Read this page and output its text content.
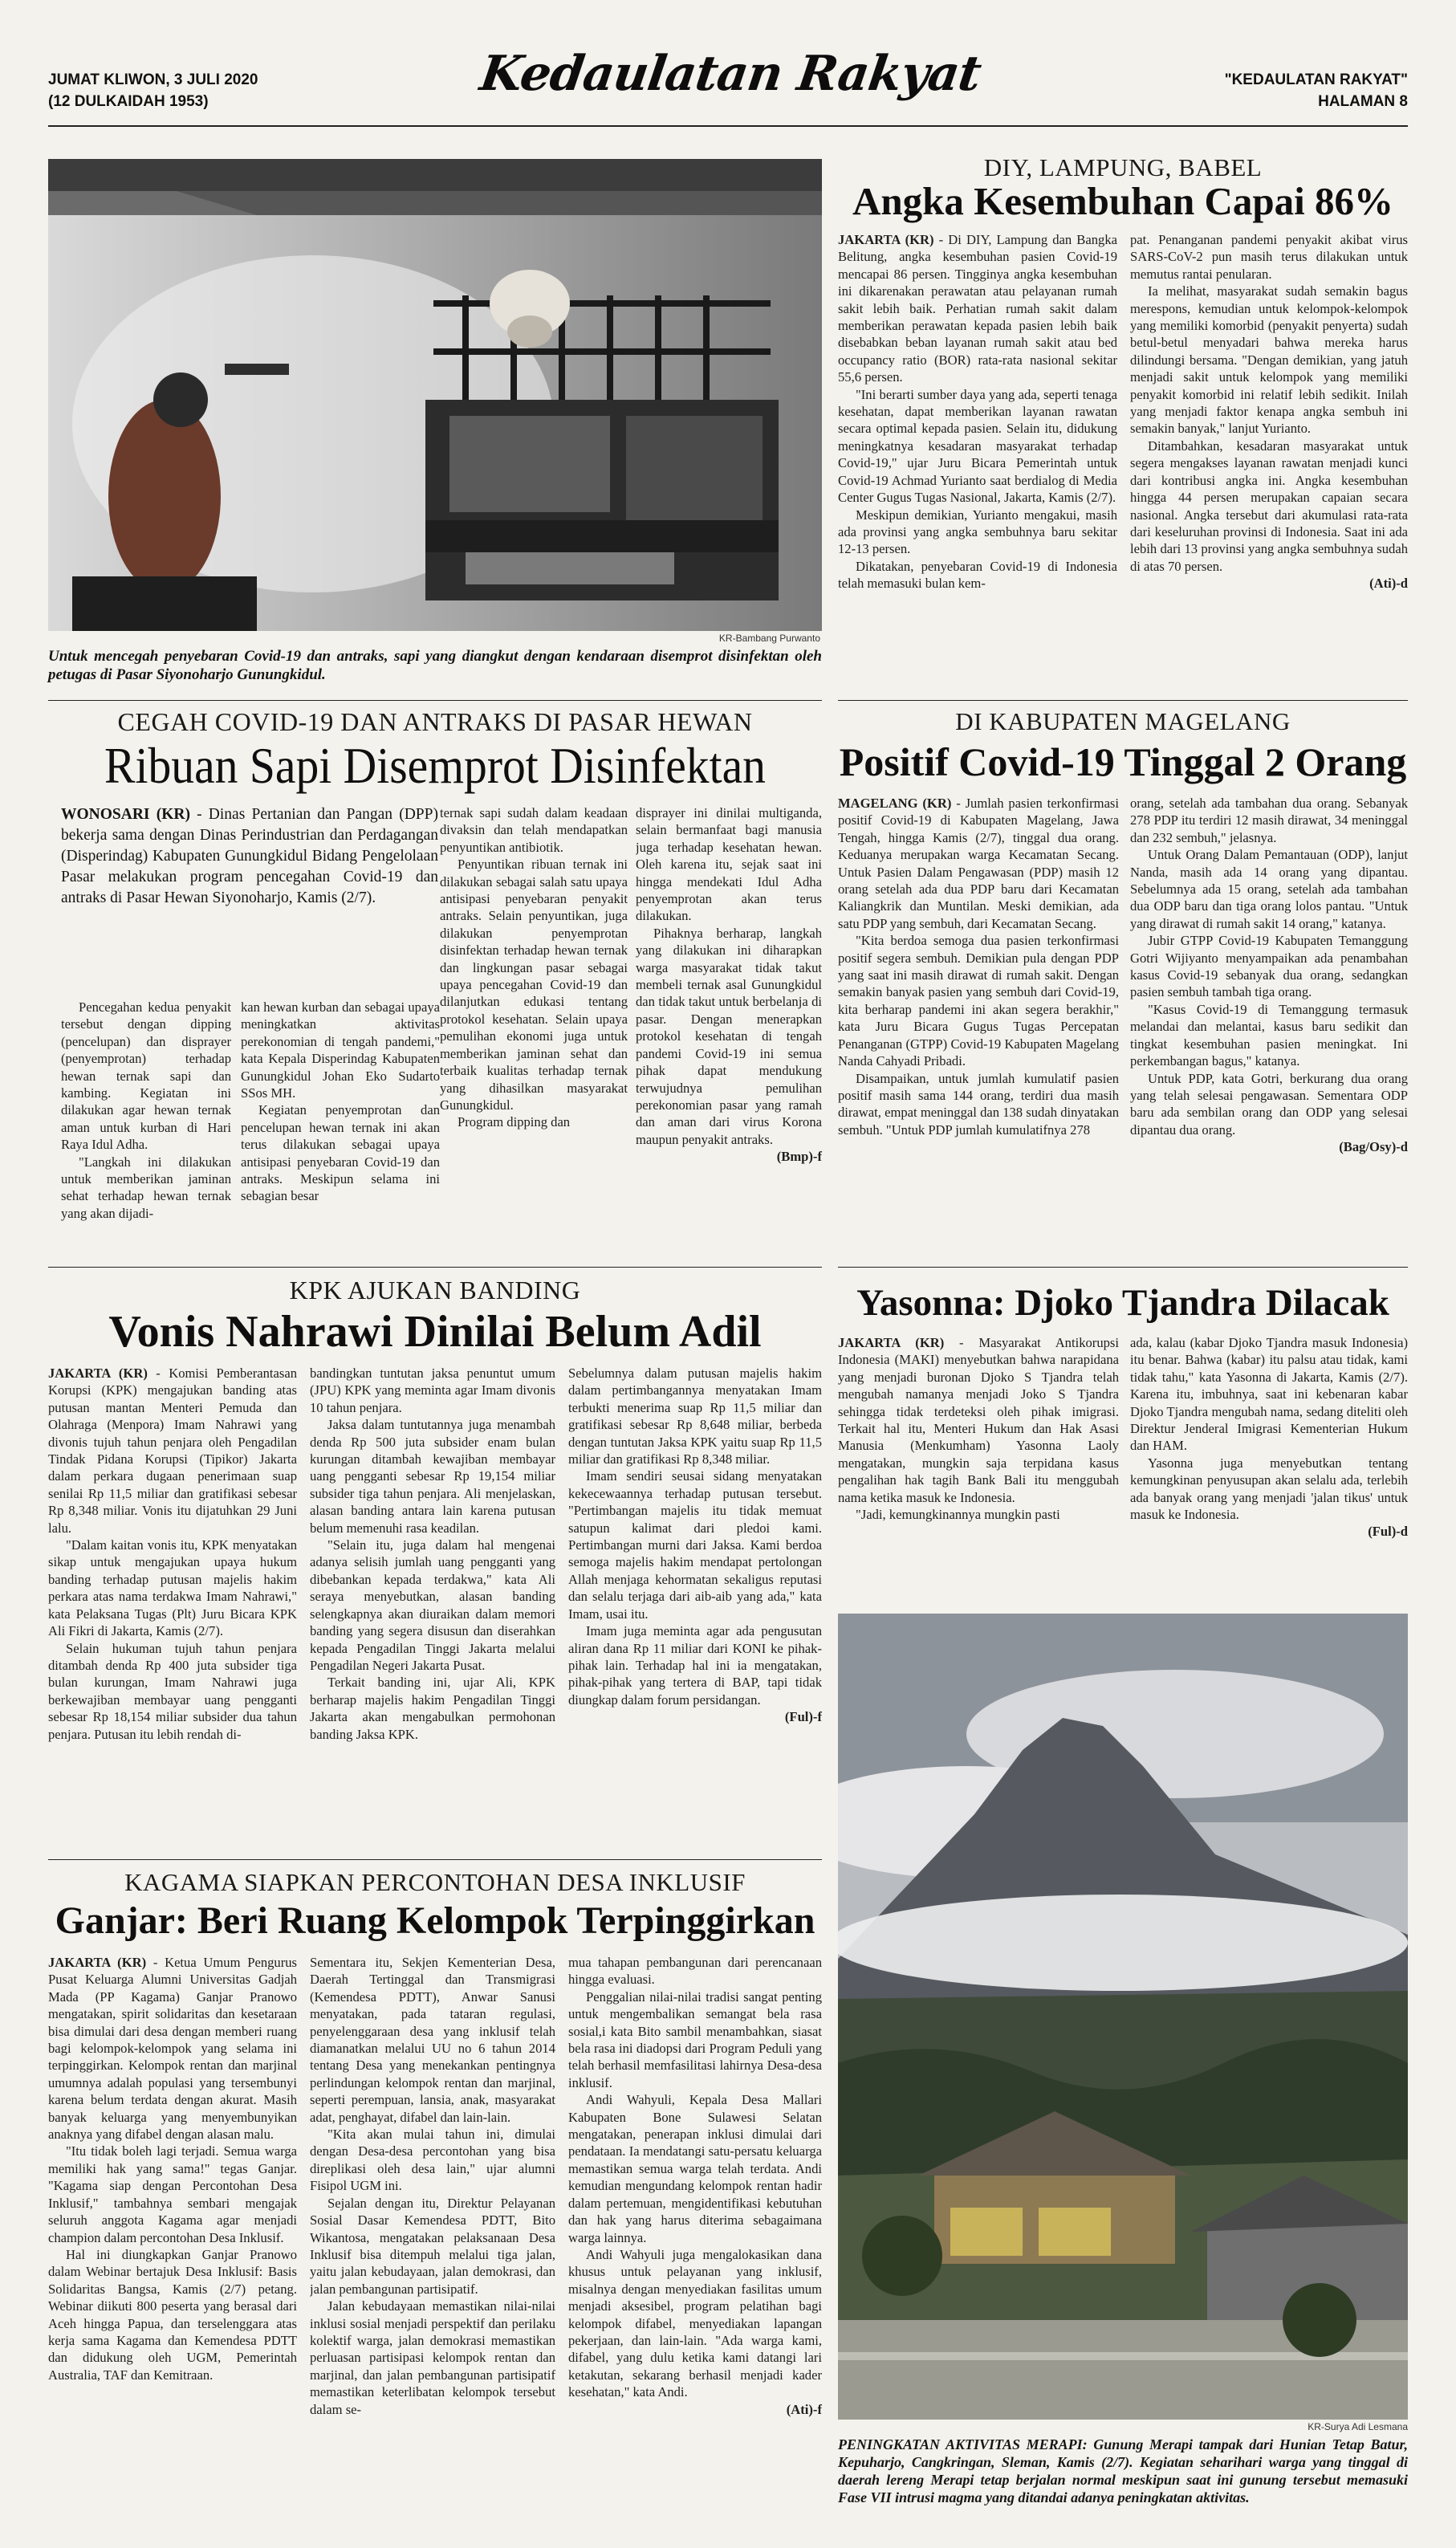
JUMAT KLIWON, 3 JULI 2020
(12 DULKAIDAH 1953)	Kedaulatan Rakyat	"KEDAULATAN RAKYAT"
HALAMAN 8
KR-Bambang Purwanto
Untuk mencegah penyebaran Covid-19 dan antraks, sapi yang diangkut dengan kendaraan disemprot disinfektan oleh petugas di Pasar Siyonoharjo Gunungkidul.
DIY, LAMPUNG, BABEL
Angka Kesembuhan Capai 86%

JAKARTA (KR) - Di DIY, Lampung dan Bangka Belitung, angka kesembuhan pasien Covid-19 mencapai 86 persen. Tingginya angka kesembuhan ini dikarenakan perawatan atau pelayanan rumah sakit lebih baik. Perhatian rumah sakit dalam memberikan perawatan kepada pasien lebih baik disebabkan beban layanan rumah sakit atau bed occupancy ratio (BOR) rata-rata nasional sekitar 55,6 persen.

"Ini berarti sumber daya yang ada, seperti tenaga kesehatan, dapat memberikan layanan rawatan secara optimal kepada pasien. Selain itu, didukung meningkatnya kesadaran masyarakat terhadap Covid-19," ujar Juru Bicara Pemerintah untuk Covid-19 Achmad Yurianto saat berdialog di Media Center Gugus Tugas Nasional, Jakarta, Kamis (2/7).

Meskipun demikian, Yurianto mengakui, masih ada provinsi yang angka sembuhnya baru sekitar 12-13 persen.

Dikatakan, penyebaran Covid-19 di Indonesia telah memasuki bulan kem-

pat. Penanganan pandemi penyakit akibat virus SARS-CoV-2 pun masih terus dilakukan untuk memutus rantai penularan.

Ia melihat, masyarakat sudah semakin bagus merespons, kemudian untuk kelompok-kelompok yang memiliki komorbid (penyakit penyerta) sudah betul-betul menyadari bahwa mereka harus dilindungi bersama. "Dengan demikian, yang jatuh menjadi sakit untuk kelompok yang memiliki penyakit komorbid ini relatif lebih sedikit. Inilah yang menjadi faktor kenapa angka sembuh ini semakin banyak," lanjut Yurianto.

Ditambahkan, kesadaran masyarakat untuk segera mengakses layanan rawatan menjadi kunci dari kontribusi angka ini. Angka kesembuhan hingga 44 persen merupakan capaian secara nasional. Angka tersebut dari akumulasi rata-rata dari keseluruhan provinsi di Indonesia. Saat ini ada lebih dari 13 provinsi yang angka sembuhnya sudah di atas 70 persen.

(Ati)-d
CEGAH COVID-19 DAN ANTRAKS DI PASAR HEWAN
Ribuan Sapi Disemprot Disinfektan
WONOSARI (KR) - Dinas Pertanian dan Pangan (DPP) bekerja sama dengan Dinas Perindustrian dan Perdagangan (Disperindag) Kabupaten Gunungkidul Bidang Pengelolaan Pasar melakukan program pencegahan Covid-19 dan antraks di Pasar Hewan Siyonoharjo, Kamis (2/7).

Pencegahan kedua penyakit tersebut dengan dipping (pencelupan) dan disprayer (penyemprotan) terhadap hewan ternak sapi dan kambing. Kegiatan ini dilakukan agar hewan ternak aman untuk kurban di Hari Raya Idul Adha.

"Langkah ini dilakukan untuk memberikan jaminan sehat terhadap hewan ternak yang akan dijadi-

kan hewan kurban dan sebagai upaya meningkatkan aktivitas perekonomian di tengah pandemi," kata Kepala Disperindag Kabupaten Gunungkidul Johan Eko Sudarto SSos MH.

Kegiatan penyemprotan dan pencelupan hewan ternak ini akan terus dilakukan sebagai upaya antisipasi penyebaran Covid-19 dan antraks. Meskipun selama ini sebagian besar

ternak sapi sudah dalam keadaan divaksin dan telah mendapatkan penyuntikan antibiotik.

Penyuntikan ribuan ternak ini dilakukan sebagai salah satu upaya antisipasi penyebaran penyakit antraks. Selain penyuntikan, juga dilakukan penyemprotan disinfektan terhadap hewan ternak dan lingkungan pasar sebagai upaya pencegahan Covid-19 dan dilanjutkan edukasi tentang protokol kesehatan. Selain upaya pemulihan ekonomi juga untuk memberikan jaminan sehat dan terbaik kualitas terhadap ternak yang dihasilkan masyarakat Gunungkidul.

Program dipping dan

disprayer ini dinilai multiganda, selain bermanfaat bagi manusia juga terhadap kesehatan hewan. Oleh karena itu, sejak saat ini hingga mendekati Idul Adha penyemprotan akan terus dilakukan.

Pihaknya berharap, langkah yang dilakukan ini diharapkan warga masyarakat tidak takut membeli ternak asal Gunungkidul dan tidak takut untuk berbelanja di pasar. Dengan menerapkan protokol kesehatan di tengah pandemi Covid-19 ini semua pihak dapat mendukung terwujudnya pemulihan perekonomian pasar yang ramah dan aman dari virus Korona maupun penyakit antraks.

(Bmp)-f
DI KABUPATEN MAGELANG
Positif Covid-19 Tinggal 2 Orang

MAGELANG (KR) - Jumlah pasien terkonfirmasi positif Covid-19 di Kabupaten Magelang, Jawa Tengah, hingga Kamis (2/7), tinggal dua orang. Keduanya merupakan warga Kecamatan Secang. Untuk Pasien Dalam Pengawasan (PDP) masih 12 orang setelah ada dua PDP baru dari Kecamatan Kaliangkrik dan Muntilan. Meski demikian, ada satu PDP yang sembuh, dari Kecamatan Secang.

"Kita berdoa semoga dua pasien terkonfirmasi positif segera sembuh. Demikian pula dengan PDP yang saat ini masih dirawat di rumah sakit. Dengan semakin banyak pasien yang sembuh dari Covid-19, kita berharap pandemi ini akan segera berakhir," kata Juru Bicara Gugus Tugas Percepatan Penanganan (GTPP) Covid-19 Kabupaten Magelang Nanda Cahyadi Pribadi.

Disampaikan, untuk jumlah kumulatif pasien positif masih sama 144 orang, terdiri dua masih dirawat, empat meninggal dan 138 sudah dinyatakan sembuh. "Untuk PDP jumlah kumulatifnya 278

orang, setelah ada tambahan dua orang. Sebanyak 278 PDP itu terdiri 12 masih dirawat, 34 meninggal dan 232 sembuh," jelasnya.

Untuk Orang Dalam Pemantauan (ODP), lanjut Nanda, masih ada 14 orang yang dipantau. Sebelumnya ada 15 orang, setelah ada tambahan dua ODP baru dan tiga orang lolos pantau. "Untuk yang dirawat di rumah sakit 14 orang," katanya.

Jubir GTPP Covid-19 Kabupaten Temanggung Gotri Wijiyanto menyampaikan ada penambahan kasus Covid-19 sebanyak dua orang, sedangkan pasien sembuh tambah tiga orang.

"Kasus Covid-19 di Temanggung termasuk melandai dan melantai, kasus baru sedikit dan tingkat kesembuhan pasien meningkat. Ini perkembangan bagus," katanya.

Untuk PDP, kata Gotri, berkurang dua orang yang telah selesai pengawasan. Sementara ODP baru ada sembilan orang dan ODP yang selesai dipantau dua orang.

(Bag/Osy)-d
KPK AJUKAN BANDING
Vonis Nahrawi Dinilai Belum Adil

JAKARTA (KR) - Komisi Pemberantasan Korupsi (KPK) mengajukan banding atas putusan mantan Menteri Pemuda dan Olahraga (Menpora) Imam Nahrawi yang divonis tujuh tahun penjara oleh Pengadilan Tindak Pidana Korupsi (Tipikor) Jakarta dalam perkara dugaan penerimaan suap senilai Rp 11,5 miliar dan gratifikasi sebesar Rp 8,348 miliar. Vonis itu dijatuhkan 29 Juni lalu.

"Dalam kaitan vonis itu, KPK menyatakan sikap untuk mengajukan upaya hukum banding terhadap putusan majelis hakim perkara atas nama terdakwa Imam Nahrawi," kata Pelaksana Tugas (Plt) Juru Bicara KPK Ali Fikri di Jakarta, Kamis (2/7).

Selain hukuman tujuh tahun penjara ditambah denda Rp 400 juta subsider tiga bulan kurungan, Imam Nahrawi juga berkewajiban membayar uang pengganti sebesar Rp 18,154 miliar subsider dua tahun penjara. Putusan itu lebih rendah di-

bandingkan tuntutan jaksa penuntut umum (JPU) KPK yang meminta agar Imam divonis 10 tahun penjara.

Jaksa dalam tuntutannya juga menambah denda Rp 500 juta subsider enam bulan kurungan ditambah kewajiban membayar uang pengganti sebesar Rp 19,154 miliar subsider tiga tahun penjara. Ali menjelaskan, alasan banding antara lain karena putusan belum memenuhi rasa keadilan.

"Selain itu, juga dalam hal mengenai adanya selisih jumlah uang pengganti yang dibebankan kepada terdakwa," kata Ali seraya menyebutkan, alasan banding selengkapnya akan diuraikan dalam memori banding yang segera disusun dan diserahkan kepada Pengadilan Tinggi Jakarta melalui Pengadilan Negeri Jakarta Pusat.

Terkait banding ini, ujar Ali, KPK berharap majelis hakim Pengadilan Tinggi Jakarta akan mengabulkan permohonan banding Jaksa KPK.

Sebelumnya dalam putusan majelis hakim dalam pertimbangannya menyatakan Imam terbukti menerima suap Rp 11,5 miliar dan gratifikasi sebesar Rp 8,648 miliar, berbeda dengan tuntutan Jaksa KPK yaitu suap Rp 11,5 miliar dan gratifikasi Rp 8,348 miliar.

Imam sendiri seusai sidang menyatakan kekecewaannya terhadap putusan tersebut. "Pertimbangan majelis itu tidak memuat satupun kalimat dari pledoi kami. Pertimbangan murni dari Jaksa. Kami berdoa semoga majelis hakim mendapat pertolongan Allah menjaga kehormatan sekaligus reputasi dan selalu terjaga dari aib-aib yang ada," kata Imam, usai itu.

Imam juga meminta agar ada pengusutan aliran dana Rp 11 miliar dari KONI ke pihak-pihak lain. Terhadap hal ini ia mengatakan, pihak-pihak yang tertera di BAP, tapi tidak diungkap dalam forum persidangan.

(Ful)-f
Yasonna: Djoko Tjandra Dilacak

JAKARTA (KR) - Masyarakat Antikorupsi Indonesia (MAKI) menyebutkan bahwa narapidana yang menjadi buronan Djoko S Tjandra telah mengubah namanya menjadi Joko S Tjandra sehingga tidak terdeteksi oleh pihak imigrasi. Terkait hal itu, Menteri Hukum dan Hak Asasi Manusia (Menkumham) Yasonna Laoly mengatakan, mungkin saja terpidana kasus pengalihan hak tagih Bank Bali itu menggubah nama ketika masuk ke Indonesia.

"Jadi, kemungkinannya mungkin pasti

ada, kalau (kabar Djoko Tjandra masuk Indonesia) itu benar. Bahwa (kabar) itu palsu atau tidak, kami tidak tahu," kata Yasonna di Jakarta, Kamis (2/7). Karena itu, imbuhnya, saat ini kebenaran kabar Djoko Tjandra mengubah nama, sedang diteliti oleh Direktur Jenderal Imigrasi Kementerian Hukum dan HAM.

Yasonna juga menyebutkan tentang kemungkinan penyusupan akan selalu ada, terlebih ada banyak orang yang menjadi 'jalan tikus' untuk masuk ke Indonesia.

(Ful)-d
KR-Surya Adi Lesmana
PENINGKATAN AKTIVITAS MERAPI: Gunung Merapi tampak dari Hunian Tetap Batur, Kepuharjo, Cangkringan, Sleman, Kamis (2/7). Kegiatan seharihari warga yang tinggal di daerah lereng Merapi tetap berjalan normal meskipun saat ini gunung tersebut memasuki Fase VII intrusi magma yang ditandai adanya peningkatan aktivitas.
KAGAMA SIAPKAN PERCONTOHAN DESA INKLUSIF
Ganjar: Beri Ruang Kelompok Terpinggirkan

JAKARTA (KR) - Ketua Umum Pengurus Pusat Keluarga Alumni Universitas Gadjah Mada (PP Kagama) Ganjar Pranowo mengatakan, spirit solidaritas dan kesetaraan bisa dimulai dari desa dengan memberi ruang bagi kelompok-kelompok yang selama ini terpinggirkan. Kelompok rentan dan marjinal umumnya adalah populasi yang tersembunyi karena belum terdata dengan akurat. Masih banyak keluarga yang menyembunyikan anaknya yang difabel dengan alasan malu.

"Itu tidak boleh lagi terjadi. Semua warga memiliki hak yang sama!" tegas Ganjar. "Kagama siap dengan Percontohan Desa Inklusif," tambahnya sembari mengajak seluruh anggota Kagama agar menjadi champion dalam percontohan Desa Inklusif.

Hal ini diungkapkan Ganjar Pranowo dalam Webinar bertajuk Desa Inklusif: Basis Solidaritas Bangsa, Kamis (2/7) petang. Webinar diikuti 800 peserta yang berasal dari Aceh hingga Papua, dan terselenggara atas kerja sama Kagama dan Kemendesa PDTT dan didukung oleh UGM, Pemerintah Australia, TAF dan Kemitraan.

Sementara itu, Sekjen Kementerian Desa, Daerah Tertinggal dan Transmigrasi (Kemendesa PDTT), Anwar Sanusi menyatakan, pada tataran regulasi, penyelenggaraan desa yang inklusif telah diamanatkan melalui UU no 6 tahun 2014 tentang Desa yang menekankan pentingnya perlindungan kelompok rentan dan marjinal, seperti perempuan, lansia, anak, masyarakat adat, penghayat, difabel dan lain-lain.

"Kita akan mulai tahun ini, dimulai dengan Desa-desa percontohan yang bisa direplikasi oleh desa lain," ujar alumni Fisipol UGM ini.

Sejalan dengan itu, Direktur Pelayanan Sosial Dasar Kemendesa PDTT, Bito Wikantosa, mengatakan pelaksanaan Desa Inklusif bisa ditempuh melalui tiga jalan, yaitu jalan kebudayaan, jalan demokrasi, dan jalan pembangunan partisipatif.

Jalan kebudayaan memastikan nilai-nilai inklusi sosial menjadi perspektif dan perilaku kolektif warga, jalan demokrasi memastikan perluasan partisipasi kelompok rentan dan marjinal, dan jalan pembangunan partisipatif memastikan keterlibatan kelompok tersebut dalam se-

mua tahapan pembangunan dari perencanaan hingga evaluasi.

Penggalian nilai-nilai tradisi sangat penting untuk mengembalikan semangat bela rasa sosial,i kata Bito sambil menambahkan, siasat bela rasa ini diadopsi dari Program Peduli yang telah berhasil memfasilitasi lahirnya Desa-desa inklusif.

Andi Wahyuli, Kepala Desa Mallari Kabupaten Bone Sulawesi Selatan mengatakan, penerapan inklusi dimulai dari pendataan. Ia mendatangi satu-persatu keluarga memastikan semua warga telah terdata. Andi kemudian mengundang kelompok rentan hadir dalam pertemuan, mengidentifikasi kebutuhan dan hak yang harus diterima sebagaimana warga lainnya.

Andi Wahyuli juga mengalokasikan dana khusus untuk pelayanan yang inklusif, misalnya dengan menyediakan fasilitas umum menjadi aksesibel, program pelatihan bagi kelompok difabel, menyediakan lapangan pekerjaan, dan lain-lain. "Ada warga kami, difabel, yang dulu ketika kami datangi lari ketakutan, sekarang berhasil menjadi kader kesehatan," kata Andi.

(Ati)-f
